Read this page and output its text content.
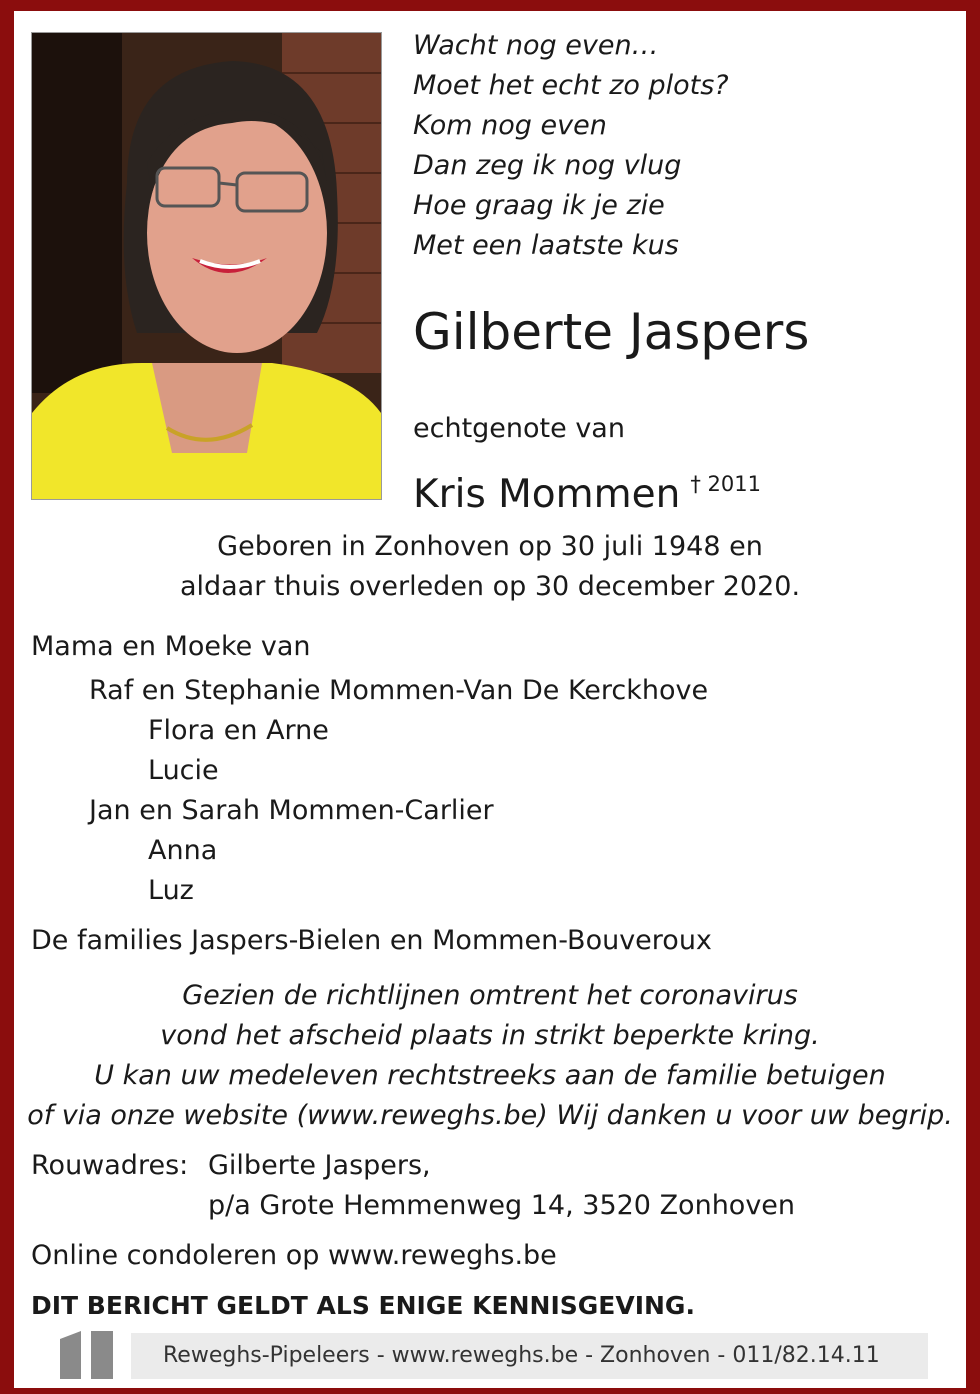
Wacht nog even…
Moet het echt zo plots?
Kom nog even
Dan zeg ik nog vlug
Hoe graag ik je zie
Met een laatste kus
Gilberte Jaspers
echtgenote van
Kris Mommen $^{\dagger 2011}$
Geboren in Zonhoven op 30 juli 1948 en
aldaar thuis overleden op 30 december 2020.
Mama en Moeke van
Raf en Stephanie Mommen-Van De Kerckhove
Flora en Arne
Lucie
Jan en Sarah Mommen-Carlier
Anna
Luz
De families Jaspers-Bielen en Mommen-Bouveroux
Gezien de richtlijnen omtrent het coronavirus
vond het afscheid plaats in strikt beperkte kring.
U kan uw medeleven rechtstreeks aan de familie betuigen
of via onze website (www.reweghs.be) Wij danken u voor uw begrip.
Rouwadres: Gilberte Jaspers,
p/a Grote Hemmenweg 14, 3520 Zonhoven
Online condoleren op www.reweghs.be
DIT BERICHT GELDT ALS ENIGE KENNISGEVING.
Reweghs-Pipeleers - www.reweghs.be - Zonhoven - 011/82.14.11
